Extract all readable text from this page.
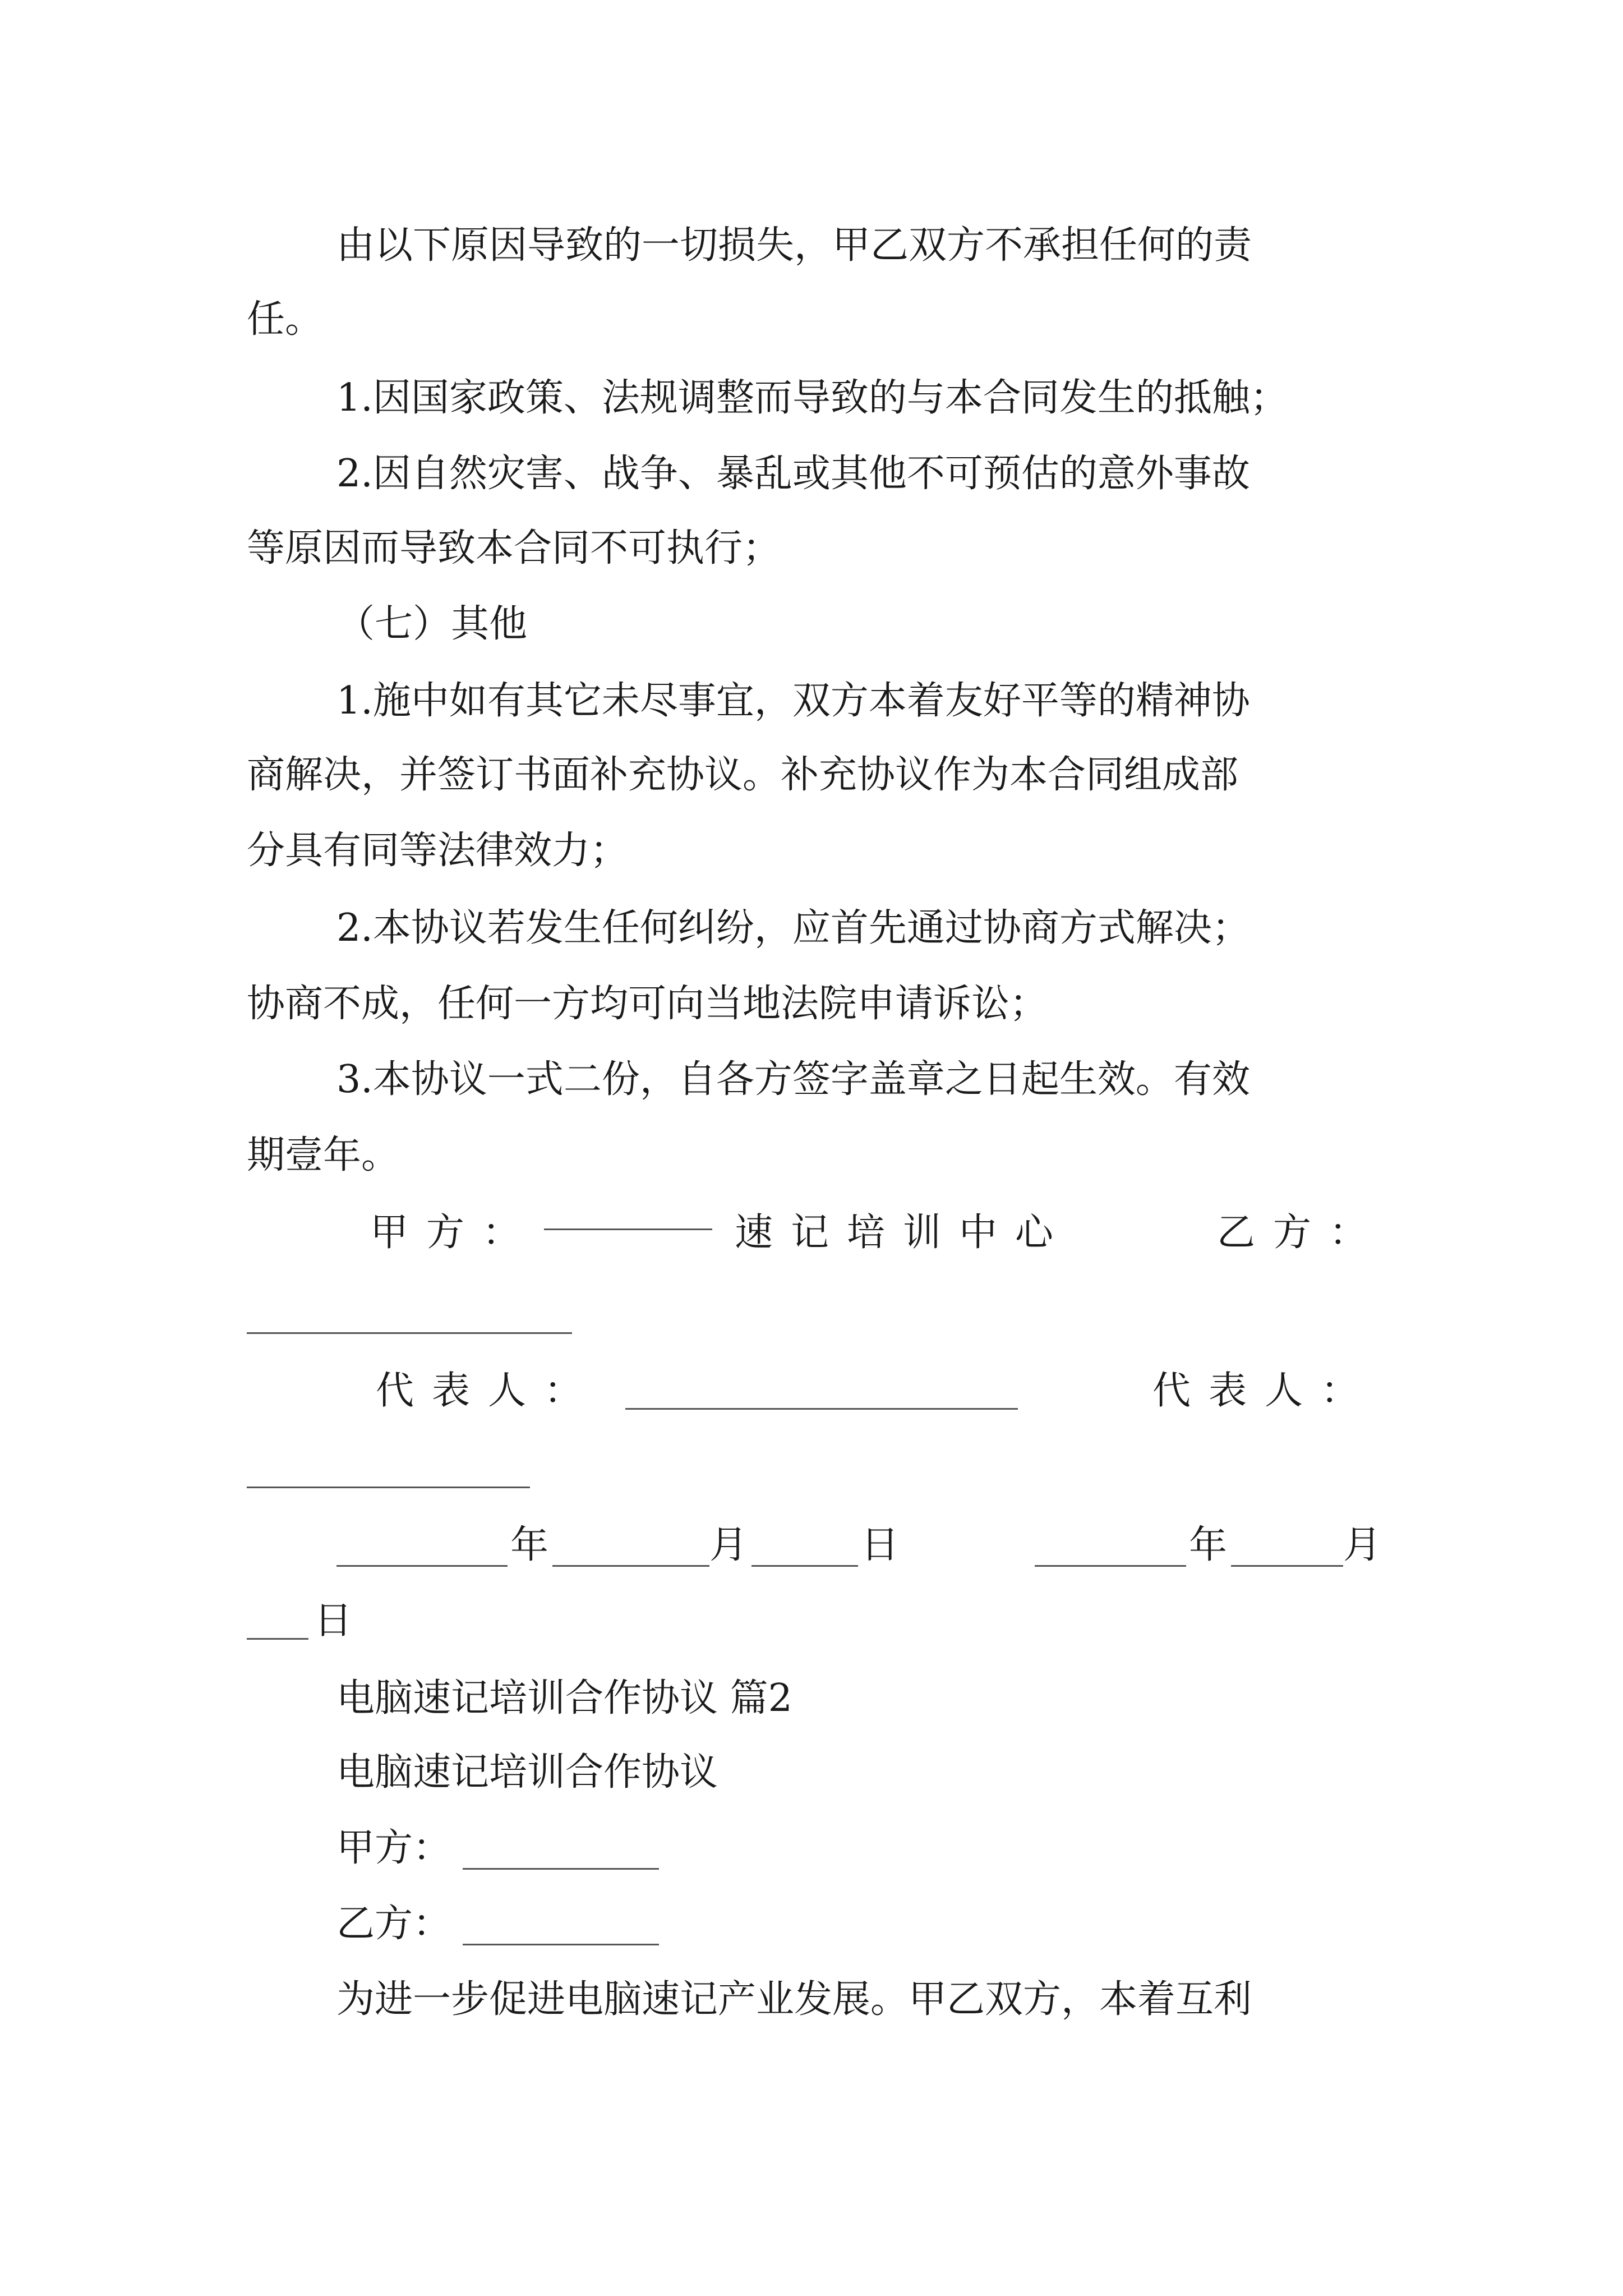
由以下原因导致的一切损失，甲乙双方不承担任何的责
任。
1.因国家政策、法规调整而导致的与本合同发生的抵触；
2.因自然灾害、战争、暴乱或其他不可预估的意外事故
等原因而导致本合同不可执行；
（七）其他
1.施中如有其它未尽事宜，双方本着友好平等的精神协
商解决，并签订书面补充协议。补充协议作为本合同组成部
分具有同等法律效力；
2.本协议若发生任何纠纷，应首先通过协商方式解决；
协商不成，任何一方均可向当地法院申请诉讼；
3.本协议一式二份，自各方签字盖章之日起生效。有效
期壹年。
甲方：	速记培训中心	乙方：
代表人：	代表人：
年	月	日	年	月
日
电脑速记培训合作协议 篇2
电脑速记培训合作协议
甲方：
乙方：
为进一步促进电脑速记产业发展。甲乙双方，本着互利
